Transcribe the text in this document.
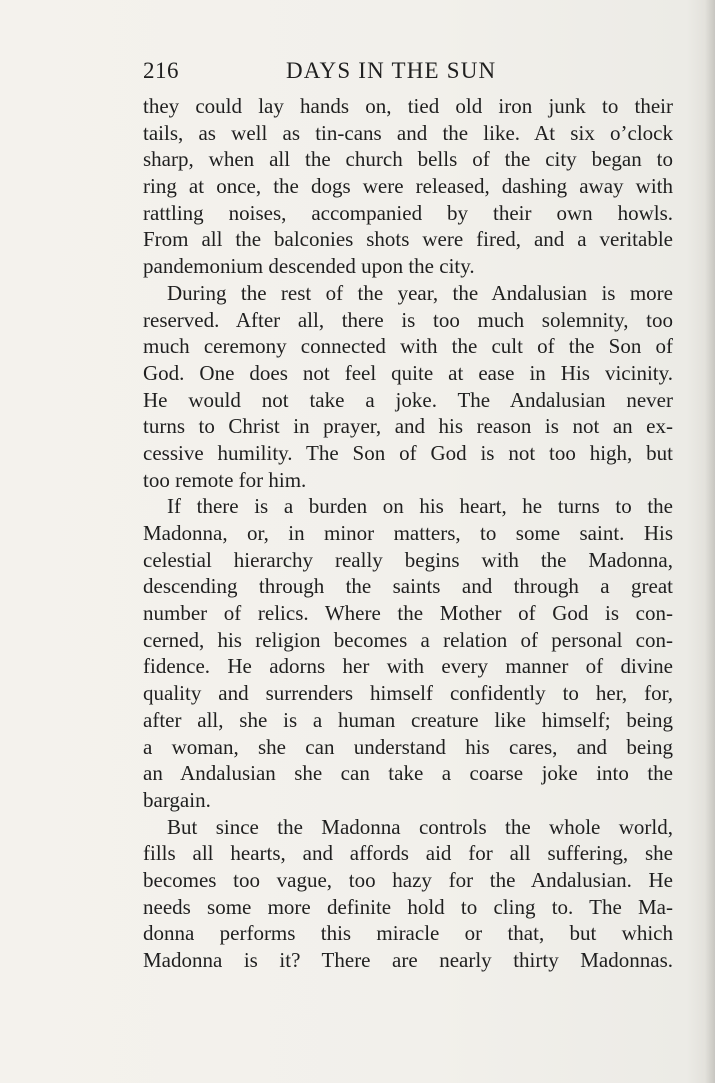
216	DAYS IN THE SUN
they could lay hands on, tied old iron junk to their
tails, as well as tin-cans and the like. At six o’clock
sharp, when all the church bells of the city began to
ring at once, the dogs were released, dashing away with
rattling noises, accompanied by their own howls.
From all the balconies shots were fired, and a veritable
pandemonium descended upon the city.
During the rest of the year, the Andalusian is more
reserved. After all, there is too much solemnity, too
much ceremony connected with the cult of the Son of
God. One does not feel quite at ease in His vicinity.
He would not take a joke. The Andalusian never
turns to Christ in prayer, and his reason is not an ex-
cessive humility. The Son of God is not too high, but
too remote for him.
If there is a burden on his heart, he turns to the
Madonna, or, in minor matters, to some saint. His
celestial hierarchy really begins with the Madonna,
descending through the saints and through a great
number of relics. Where the Mother of God is con-
cerned, his religion becomes a relation of personal con-
fidence. He adorns her with every manner of divine
quality and surrenders himself confidently to her, for,
after all, she is a human creature like himself; being
a woman, she can understand his cares, and being
an Andalusian she can take a coarse joke into the
bargain.
But since the Madonna controls the whole world,
fills all hearts, and affords aid for all suffering, she
becomes too vague, too hazy for the Andalusian. He
needs some more definite hold to cling to. The Ma-
donna performs this miracle or that, but which
Madonna is it? There are nearly thirty Madonnas.
